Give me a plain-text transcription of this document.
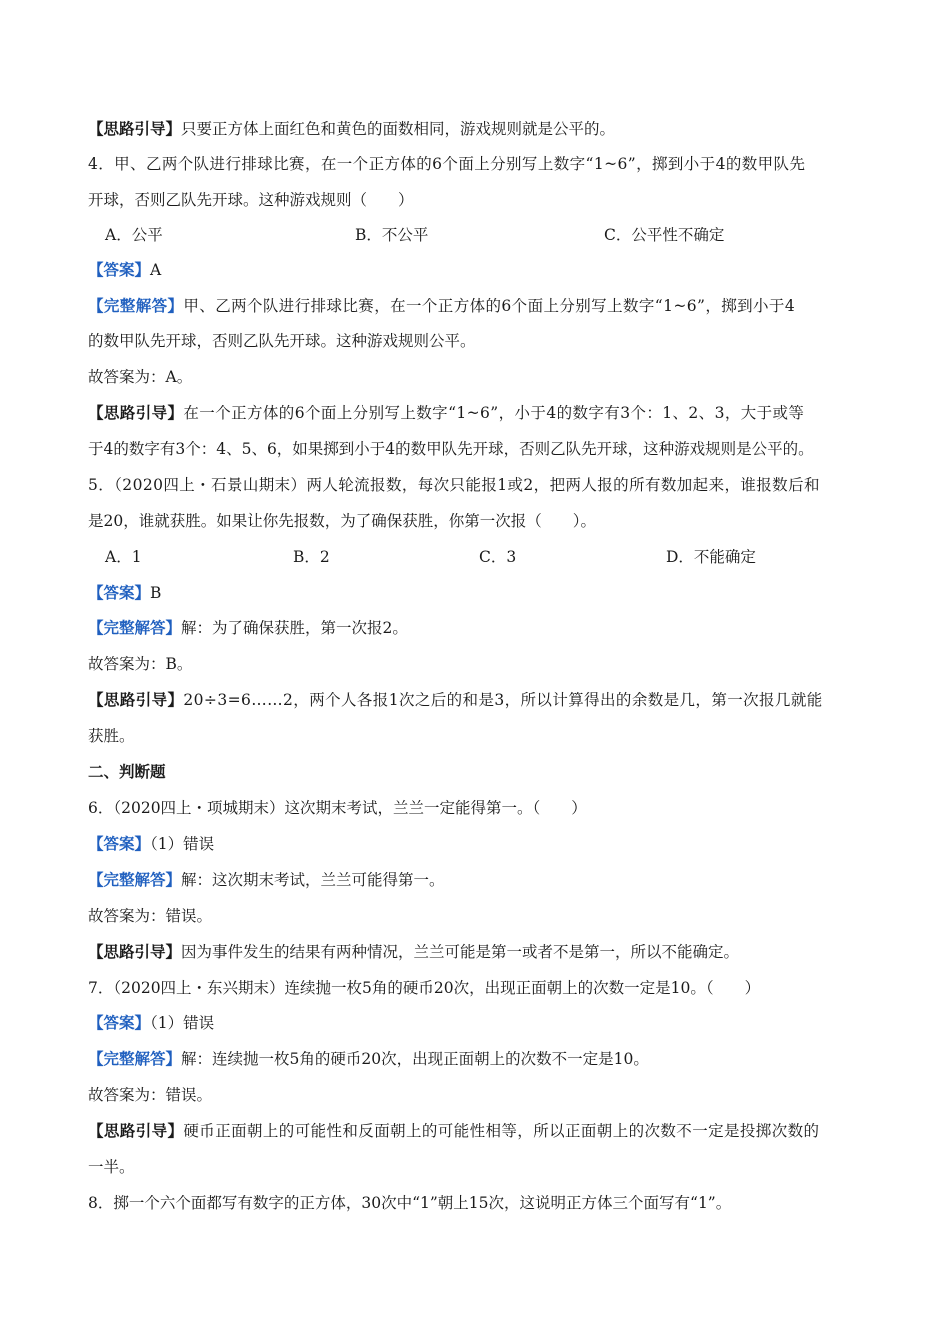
【思路引导】只要正方体上面红色和黄色的面数相同，游戏规则就是公平的。
4．甲、乙两个队进行排球比赛，在一个正方体的6个面上分别写上数字“1~6”，掷到小于4的数甲队先
开球，否则乙队先开球。这种游戏规则（　　）
A．公平	B．不公平	C．公平性不确定
【答案】A
【完整解答】甲、乙两个队进行排球比赛，在一个正方体的6个面上分别写上数字“1~6”，掷到小于4
的数甲队先开球，否则乙队先开球。这种游戏规则公平。
故答案为：A。
【思路引导】在一个正方体的6个面上分别写上数字“1~6”，小于4的数字有3个：1、2、3，大于或等
于4的数字有3个：4、5、6，如果掷到小于4的数甲队先开球，否则乙队先开球，这种游戏规则是公平的。
5．（2020四上・石景山期末）两人轮流报数，每次只能报1或2，把两人报的所有数加起来，谁报数后和
是20，谁就获胜。如果让你先报数，为了确保获胜，你第一次报（　　）。
A．1	B．2	C．3	D．不能确定
【答案】B
【完整解答】解：为了确保获胜，第一次报2。
故答案为：B。
【思路引导】20÷3=6……2，两个人各报1次之后的和是3，所以计算得出的余数是几，第一次报几就能
获胜。
二、判断题
6．（2020四上・项城期末）这次期末考试，兰兰一定能得第一。（　　）
【答案】（1）错误
【完整解答】解：这次期末考试，兰兰可能得第一。
故答案为：错误。
【思路引导】因为事件发生的结果有两种情况，兰兰可能是第一或者不是第一，所以不能确定。
7．（2020四上・东兴期末）连续抛一枚5角的硬币20次，出现正面朝上的次数一定是10。（　　）
【答案】（1）错误
【完整解答】解：连续抛一枚5角的硬币20次，出现正面朝上的次数不一定是10。
故答案为：错误。
【思路引导】硬币正面朝上的可能性和反面朝上的可能性相等，所以正面朝上的次数不一定是投掷次数的
一半。
8．掷一个六个面都写有数字的正方体，30次中“1”朝上15次，这说明正方体三个面写有“1”。
